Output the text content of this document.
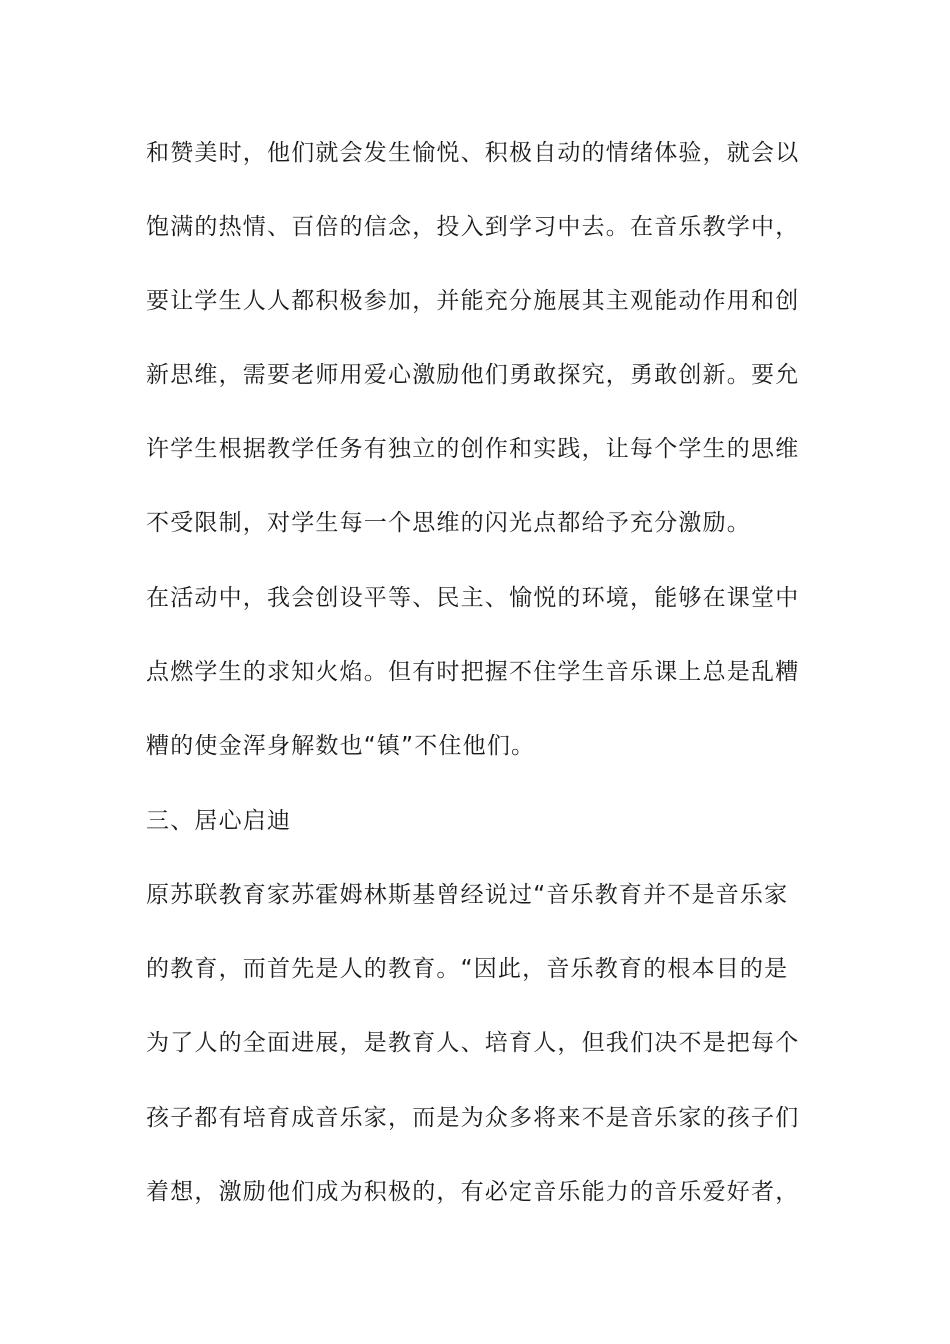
和赞美时，他们就会发生愉悦、积极自动的情绪体验，就会以
饱满的热情、百倍的信念，投入到学习中去。在音乐教学中，
要让学生人人都积极参加，并能充分施展其主观能动作用和创
新思维，需要老师用爱心激励他们勇敢探究，勇敢创新。要允
许学生根据教学任务有独立的创作和实践，让每个学生的思维
不受限制，对学生每一个思维的闪光点都给予充分激励。
在活动中，我会创设平等、民主、愉悦的环境，能够在课堂中
点燃学生的求知火焰。但有时把握不住学生音乐课上总是乱糟
糟的使金浑身解数也“镇”不住他们。
三、居心启迪
原苏联教育家苏霍姆林斯基曾经说过“音乐教育并不是音乐家
的教育，而首先是人的教育。“因此，音乐教育的根本目的是
为了人的全面进展，是教育人、培育人，但我们决不是把每个
孩子都有培育成音乐家，而是为众多将来不是音乐家的孩子们
着想，激励他们成为积极的，有必定音乐能力的音乐爱好者，
